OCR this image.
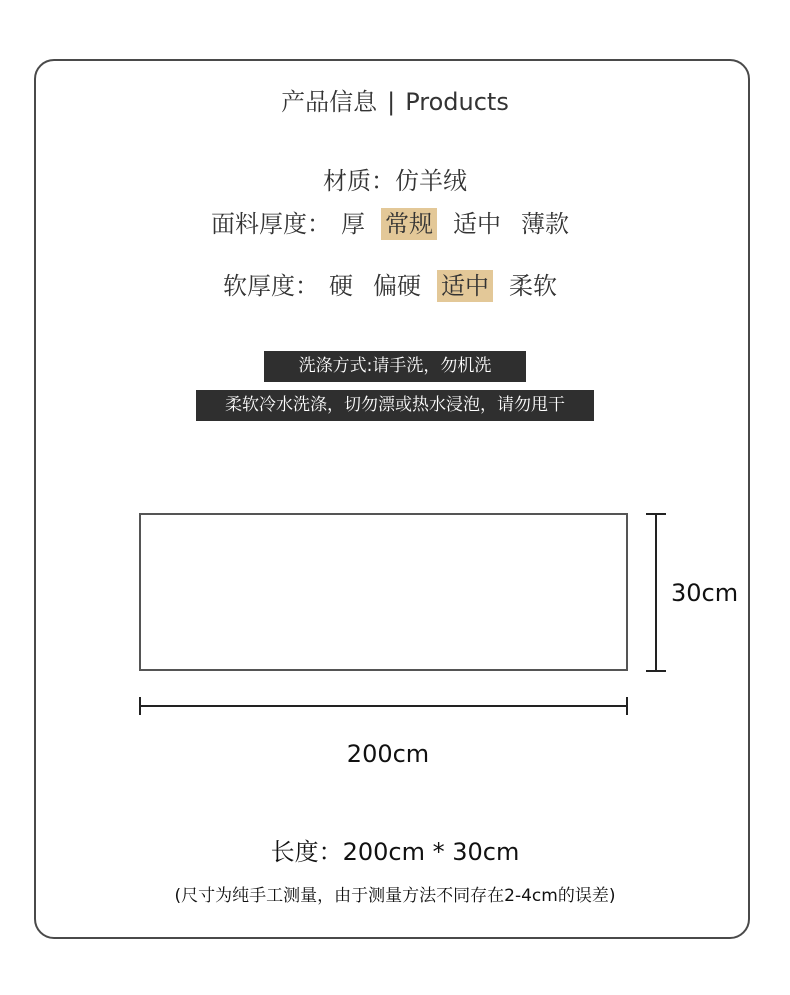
产品信息 | Products
材质：仿羊绒
面料厚度： 厚 常规 适中 薄款
软厚度： 硬 偏硬 适中 柔软
洗涤方式:请手洗，勿机洗
柔软冷水洗涤，切勿漂或热水浸泡，请勿甩干
30cm
200cm
长度：200cm * 30cm
(尺寸为纯手工测量，由于测量方法不同存在2-4cm的误差)
